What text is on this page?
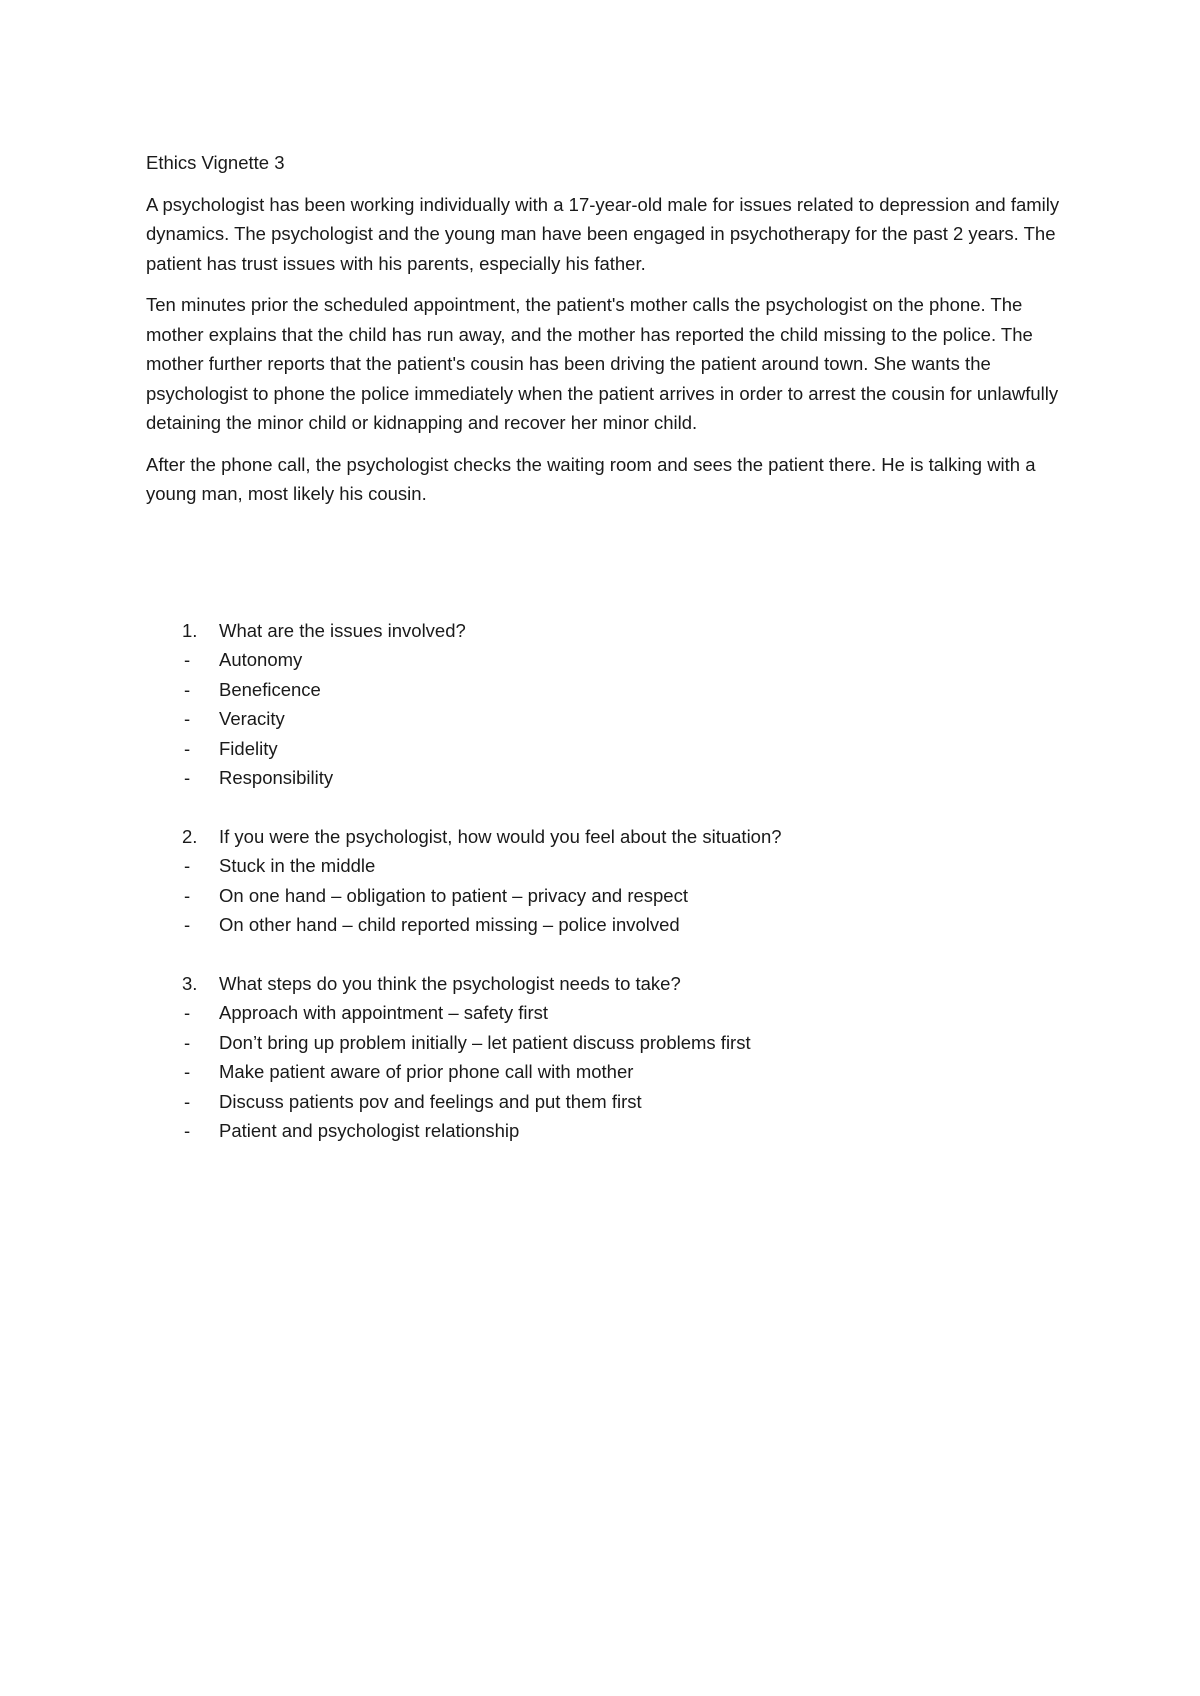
Ethics Vignette 3

A psychologist has been working individually with a 17-year-old male for issues related to depression and family dynamics. The psychologist and the young man have been engaged in psychotherapy for the past 2 years. The patient has trust issues with his parents, especially his father.

Ten minutes prior the scheduled appointment, the patient's mother calls the psychologist on the phone. The mother explains that the child has run away, and the mother has reported the child missing to the police. The mother further reports that the patient's cousin has been driving the patient around town. She wants the psychologist to phone the police immediately when the patient arrives in order to arrest the cousin for unlawfully detaining the minor child or kidnapping and recover her minor child.

After the phone call, the psychologist checks the waiting room and sees the patient there. He is talking with a young man, most likely his cousin.

1. What are the issues involved?

- Autonomy
- Beneficence
- Veracity
- Fidelity
- Responsibility

2. If you were the psychologist, how would you feel about the situation?

- Stuck in the middle
- On one hand – obligation to patient – privacy and respect
- On other hand – child reported missing – police involved

3. What steps do you think the psychologist needs to take?

- Approach with appointment – safety first
- Don’t bring up problem initially – let patient discuss problems first
- Make patient aware of prior phone call with mother
- Discuss patients pov and feelings and put them first
- Patient and psychologist relationship
